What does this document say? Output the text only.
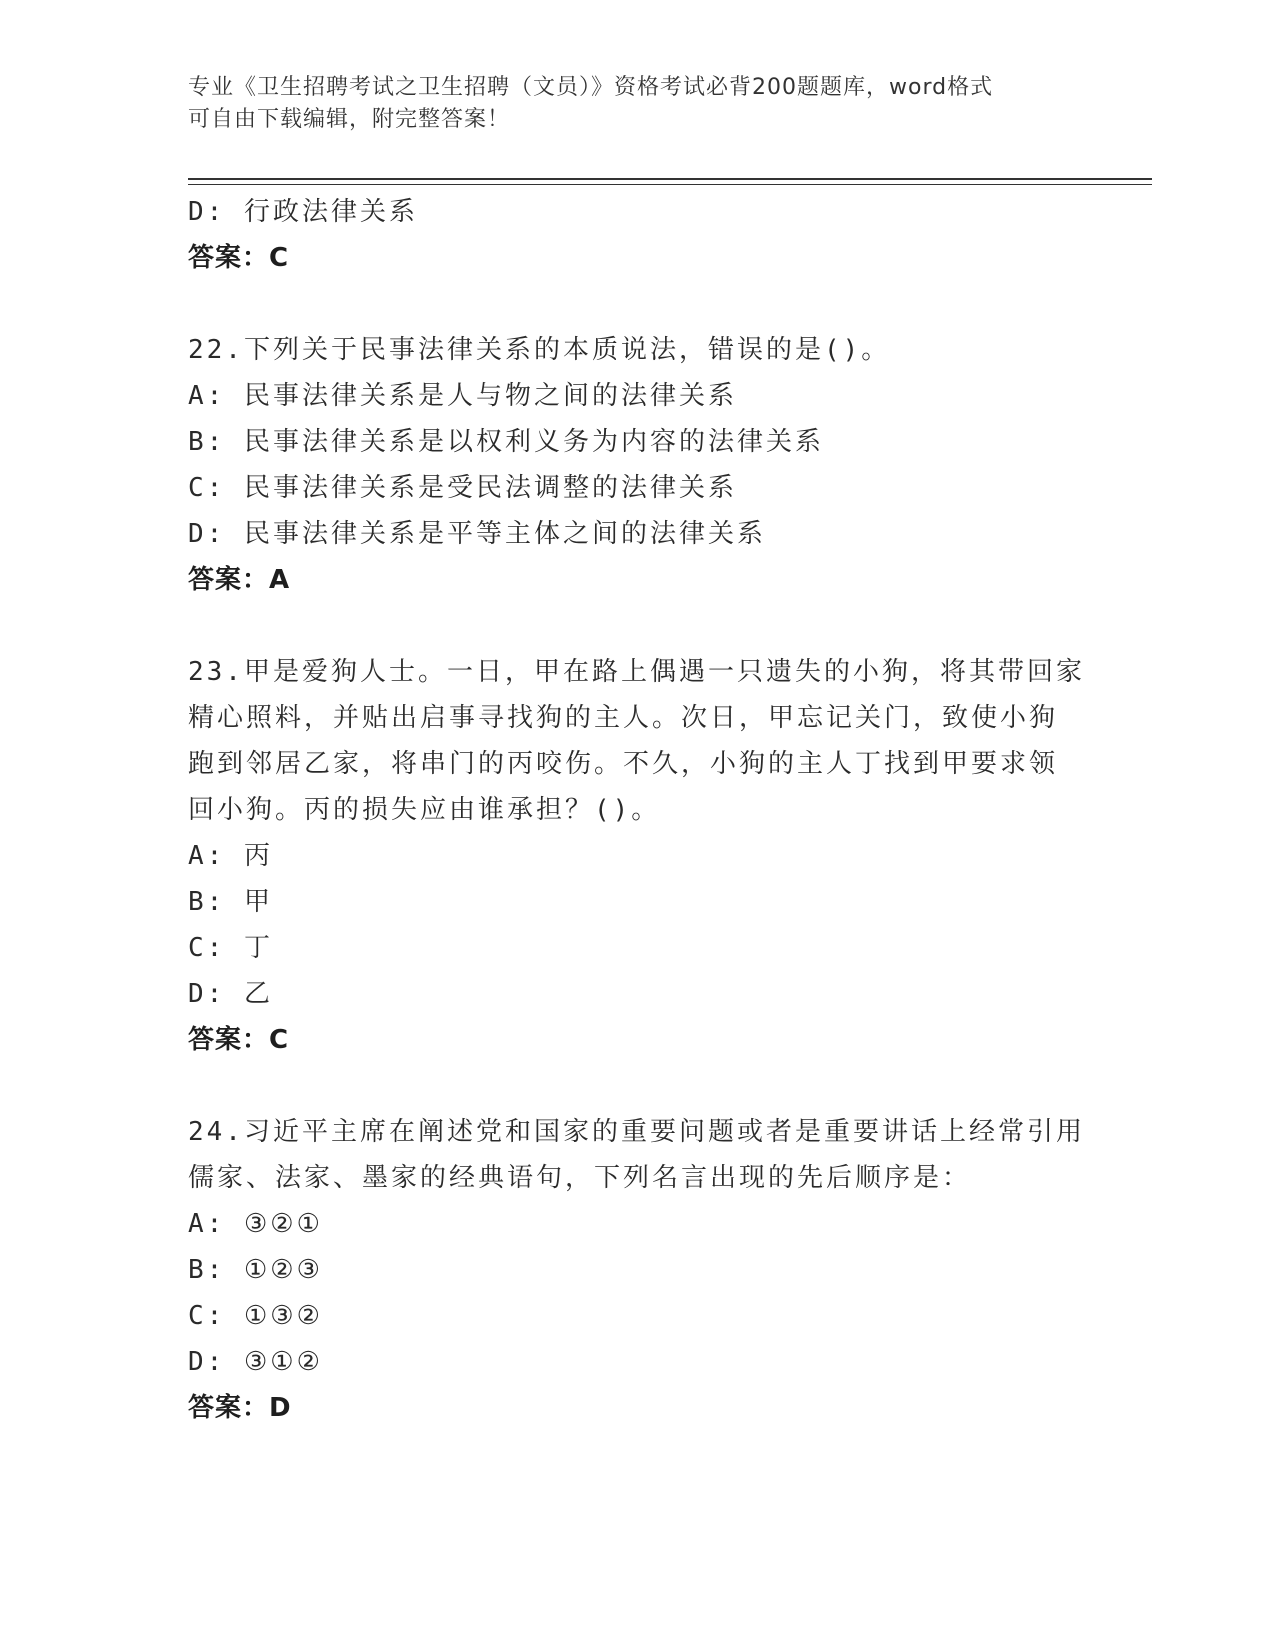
专业《卫生招聘考试之卫生招聘（文员）》资格考试必背200题题库，word格式
可自由下载编辑，附完整答案！
D: 行政法律关系
答案：C
22.下列关于民事法律关系的本质说法，错误的是()。
A: 民事法律关系是人与物之间的法律关系
B: 民事法律关系是以权利义务为内容的法律关系
C: 民事法律关系是受民法调整的法律关系
D: 民事法律关系是平等主体之间的法律关系
答案：A
23.甲是爱狗人士。一日，甲在路上偶遇一只遗失的小狗，将其带回家
精心照料，并贴出启事寻找狗的主人。次日，甲忘记关门，致使小狗
跑到邻居乙家，将串门的丙咬伤。不久，小狗的主人丁找到甲要求领
回小狗。丙的损失应由谁承担？()。
A: 丙
B: 甲
C: 丁
D: 乙
答案：C
24.习近平主席在阐述党和国家的重要问题或者是重要讲话上经常引用
儒家、法家、墨家的经典语句，下列名言出现的先后顺序是：
A: ③②①
B: ①②③
C: ①③②
D: ③①②
答案：D
